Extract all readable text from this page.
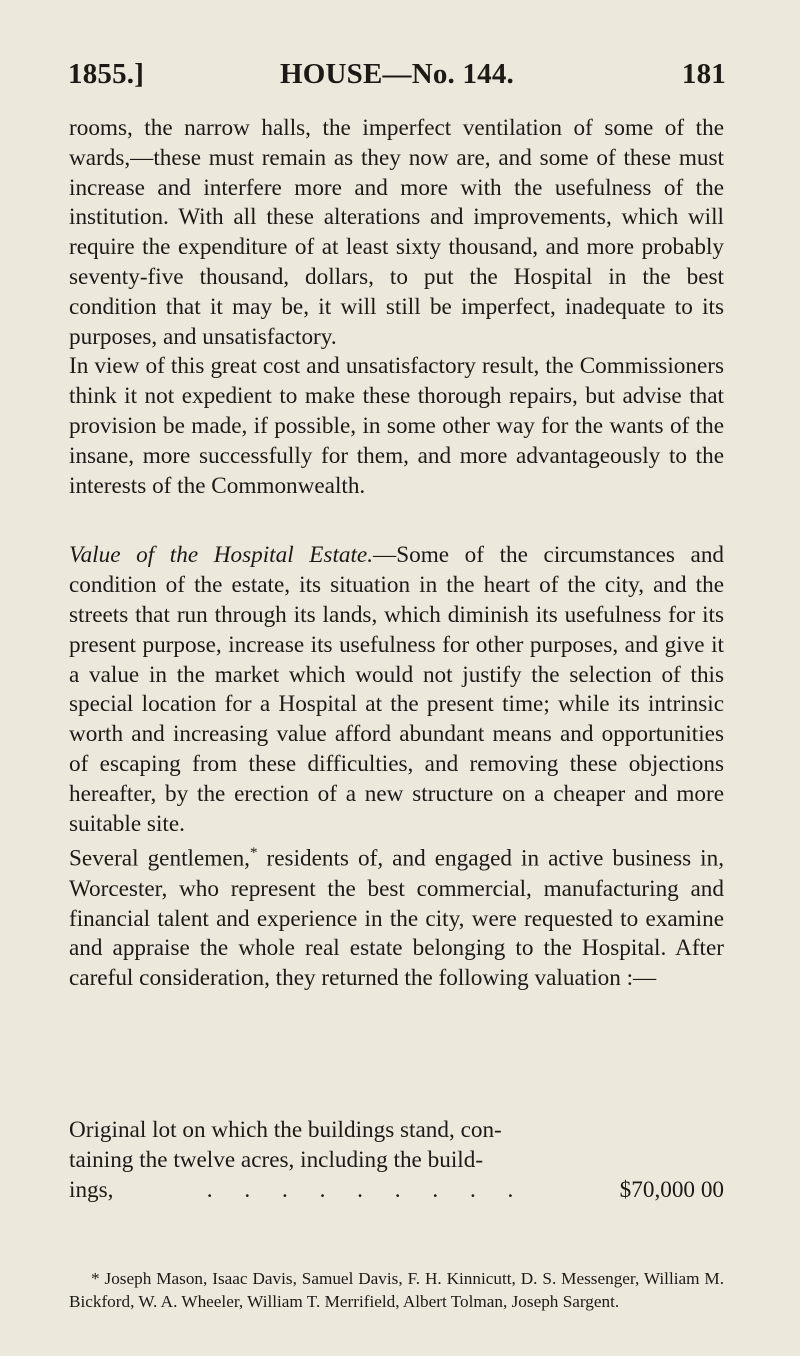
1855.]	HOUSE—No. 144.	181

rooms, the narrow halls, the imperfect ventilation of some of the wards,—these must remain as they now are, and some of these must increase and interfere more and more with the usefulness of the institution. With all these alterations and improvements, which will require the expenditure of at least sixty thousand, and more probably seventy-five thousand, dollars, to put the Hospital in the best condition that it may be, it will still be imperfect, inadequate to its purposes, and unsatisfactory.

In view of this great cost and unsatisfactory result, the Commissioners think it not expedient to make these thorough repairs, but advise that provision be made, if possible, in some other way for the wants of the insane, more successfully for them, and more advantageously to the interests of the Commonwealth.

Value of the Hospital Estate.—Some of the circumstances and condition of the estate, its situation in the heart of the city, and the streets that run through its lands, which diminish its usefulness for its present purpose, increase its usefulness for other purposes, and give it a value in the market which would not justify the selection of this special location for a Hospital at the present time; while its intrinsic worth and increasing value afford abundant means and opportunities of escaping from these difficulties, and removing these objections hereafter, by the erection of a new structure on a cheaper and more suitable site.

Several gentlemen,* residents of, and engaged in active business in, Worcester, who represent the best commercial, manufacturing and financial talent and experience in the city, were requested to examine and appraise the whole real estate belonging to the Hospital. After careful consideration, they returned the following valuation :—

Original lot on which the buildings stand, con-
taining the twelve acres, including the build-
ings,	. . . . . . . . .	$70,000 00
* Joseph Mason, Isaac Davis, Samuel Davis, F. H. Kinnicutt, D. S. Messenger, William M. Bickford, W. A. Wheeler, William T. Merrifield, Albert Tolman, Joseph Sargent.
